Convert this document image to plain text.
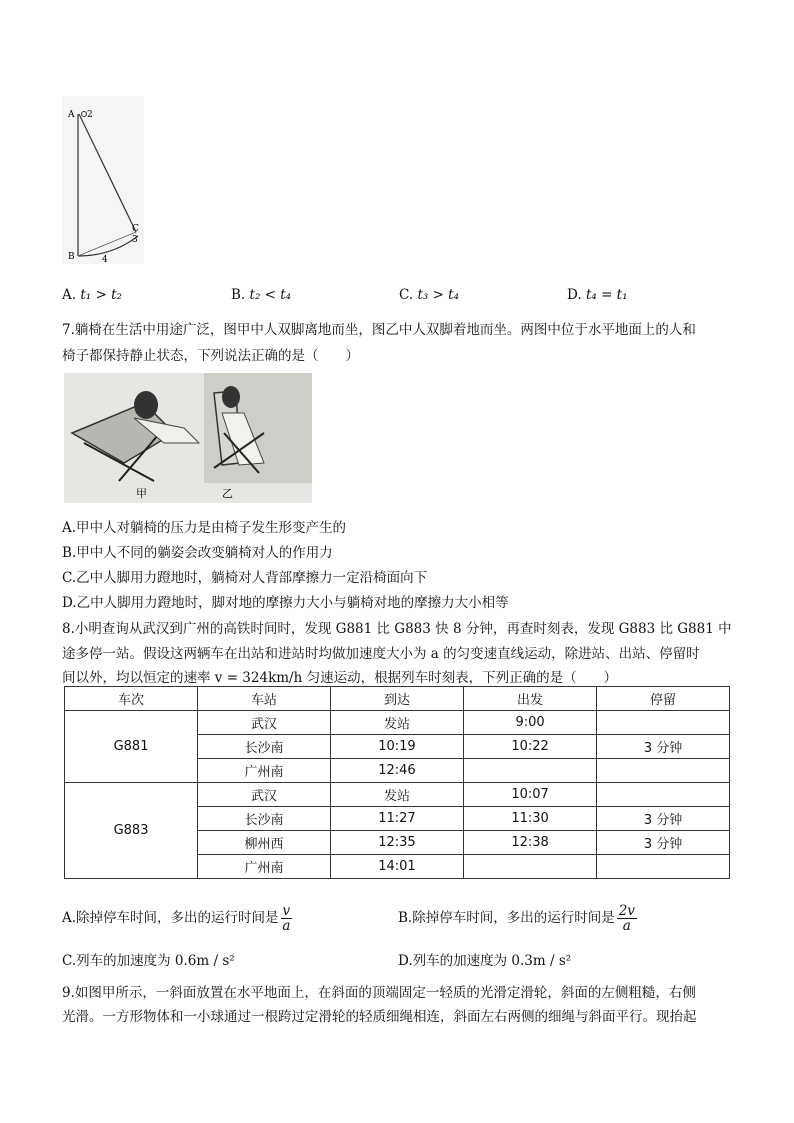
A 2
C
3
B	4
A. t₁ > t₂	B. t₂ < t₄	C. t₃ > t₄	D. t₄ = t₁
7.躺椅在生活中用途广泛，图甲中人双脚离地而坐，图乙中人双脚着地而坐。两图中位于水平地面上的人和
椅子都保持静止状态，下列说法正确的是（　　）
甲	乙
A.甲中人对躺椅的压力是由椅子发生形变产生的
B.甲中人不同的躺姿会改变躺椅对人的作用力
C.乙中人脚用力蹬地时，躺椅对人背部摩擦力一定沿椅面向下
D.乙中人脚用力蹬地时，脚对地的摩擦力大小与躺椅对地的摩擦力大小相等
8.小明查询从武汉到广州的高铁时间时，发现 G881 比 G883 快 8 分钟，再查时刻表，发现 G883 比 G881 中
途多停一站。假设这两辆车在出站和进站时均做加速度大小为 a 的匀变速直线运动，除进站、出站、停留时
间以外，均以恒定的速率 v = 324km/h 匀速运动，根据列车时刻表，下列正确的是（　　）
车次	车站	到达	出发	停留
G881	武汉	发站	9:00	
	长沙南	10:19	10:22	3 分钟
	广州南	12:46		
G883	武汉	发站	10:07	
	长沙南	11:27	11:30	3 分钟
	柳州西	12:35	12:38	3 分钟
	广州南	14:01		
A.除掉停车时间，多出的运行时间是 $\frac{v}{a}$	B.除掉停车时间，多出的运行时间是 $\frac{2v}{a}$
C.列车的加速度为 0.6m / s²	D.列车的加速度为 0.3m / s²
9.如图甲所示，一斜面放置在水平地面上，在斜面的顶端固定一轻质的光滑定滑轮，斜面的左侧粗糙，右侧
光滑。一方形物体和一小球通过一根跨过定滑轮的轻质细绳相连，斜面左右两侧的细绳与斜面平行。现抬起
